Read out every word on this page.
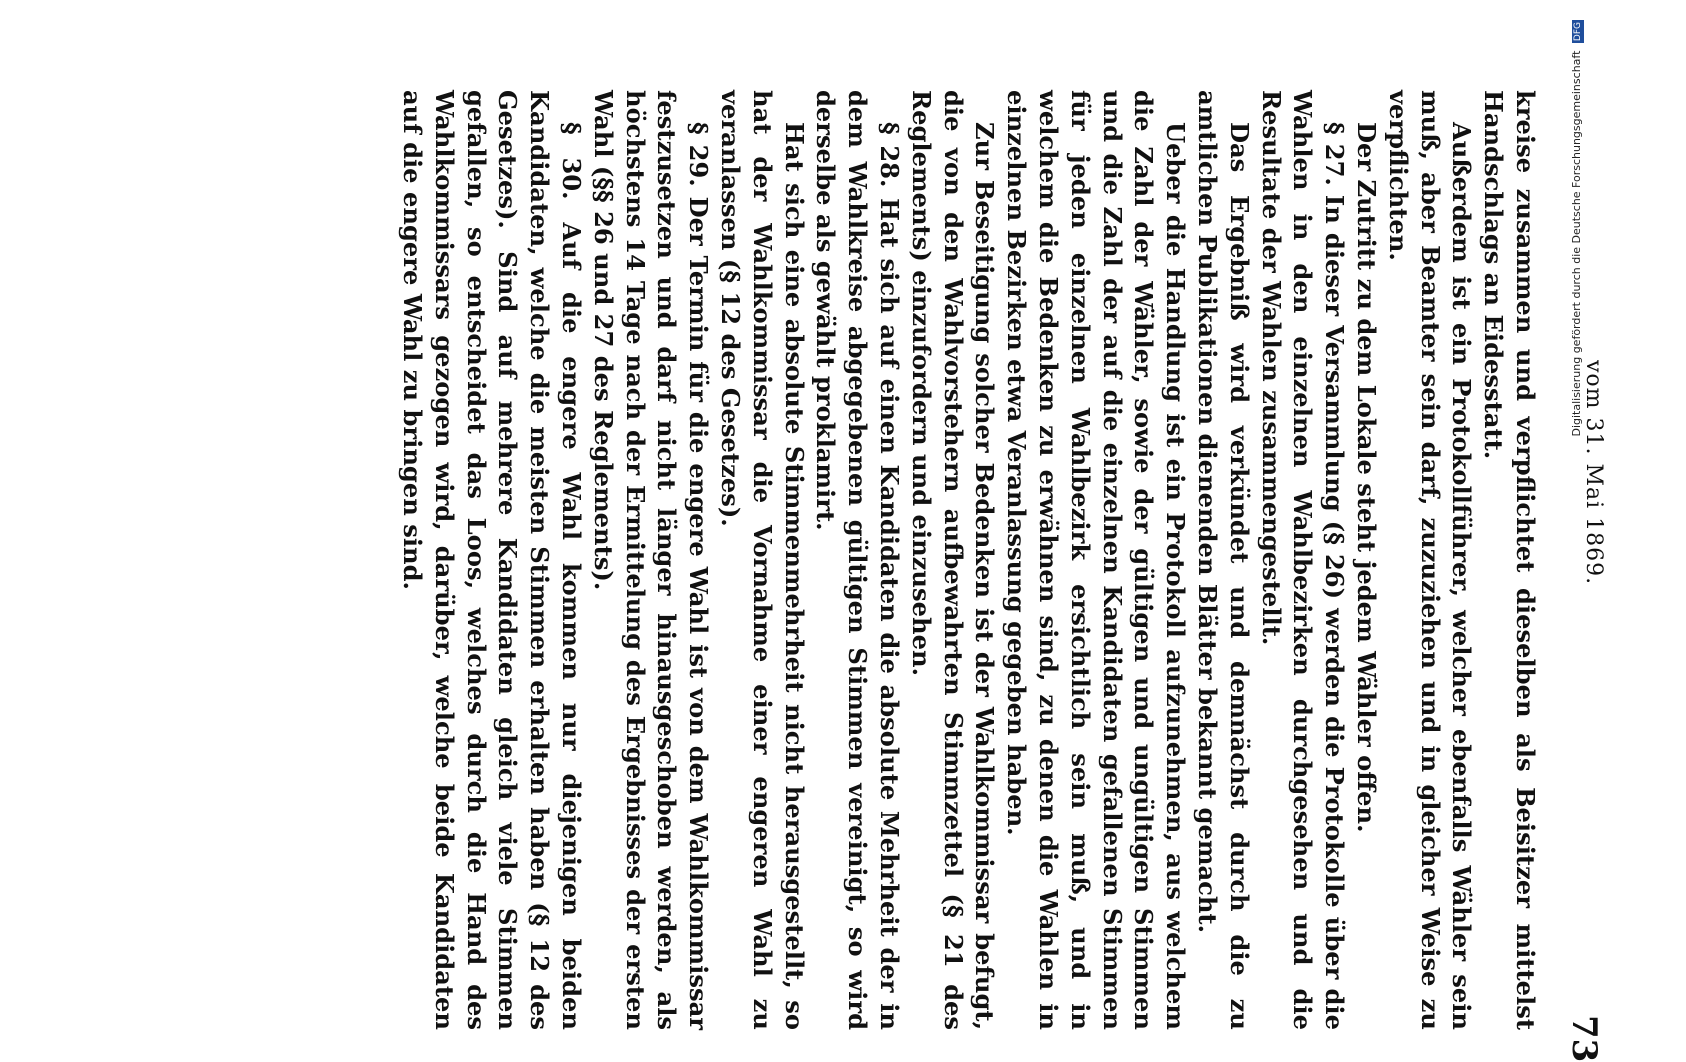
vom 31. Mai 1869.
73

kreise zusammen und verpflichtet dieselben als Beisitzer mittelst Handschlags an Eidesstatt.

Außerdem ist ein Protokollführer, welcher ebenfalls Wähler sein muß, aber Beamter sein darf, zuzuziehen und in gleicher Weise zu verpflichten.

Der Zutritt zu dem Lokale steht jedem Wähler offen.

§ 27. In dieser Versammlung (§ 26) werden die Protokolle über die Wahlen in den einzelnen Wahlbezirken durchgesehen und die Resultate der Wahlen zusammengestellt.

Das Ergebniß wird verkündet und demnächst durch die zu amtlichen Publikationen dienenden Blätter bekannt gemacht.

Ueber die Handlung ist ein Protokoll aufzunehmen, aus welchem die Zahl der Wähler, sowie der gültigen und ungültigen Stimmen und die Zahl der auf die einzelnen Kandidaten gefallenen Stimmen für jeden einzelnen Wahlbezirk ersichtlich sein muß, und in welchem die Bedenken zu erwähnen sind, zu denen die Wahlen in einzelnen Bezirken etwa Veranlassung gegeben haben.

Zur Beseitigung solcher Bedenken ist der Wahlkommissar befugt, die von den Wahlvorstehern aufbewahrten Stimmzettel (§ 21 des Reglements) einzufordern und einzusehen.

§ 28. Hat sich auf einen Kandidaten die absolute Mehrheit der in dem Wahlkreise abgegebenen gültigen Stimmen vereinigt, so wird derselbe als gewählt proklamirt.

Hat sich eine absolute Stimmenmehrheit nicht herausgestellt, so hat der Wahlkommissar die Vornahme einer engeren Wahl zu veranlassen (§ 12 des Gesetzes).

§ 29. Der Termin für die engere Wahl ist von dem Wahlkommissar festzusetzen und darf nicht länger hinausgeschoben werden, als höchstens 14 Tage nach der Ermittelung des Ergebnisses der ersten Wahl (§§ 26 und 27 des Reglements).

§ 30. Auf die engere Wahl kommen nur diejenigen beiden Kandidaten, welche die meisten Stimmen erhalten haben (§ 12 des Gesetzes). Sind auf mehrere Kandidaten gleich viele Stimmen gefallen, so entscheidet das Loos, welches durch die Hand des Wahlkommissars gezogen wird, darüber, welche beide Kandidaten auf die engere Wahl zu bringen sind.	Digitalisierung gefördert durch die Deutsche Forschungsgemeinschaft DFG
